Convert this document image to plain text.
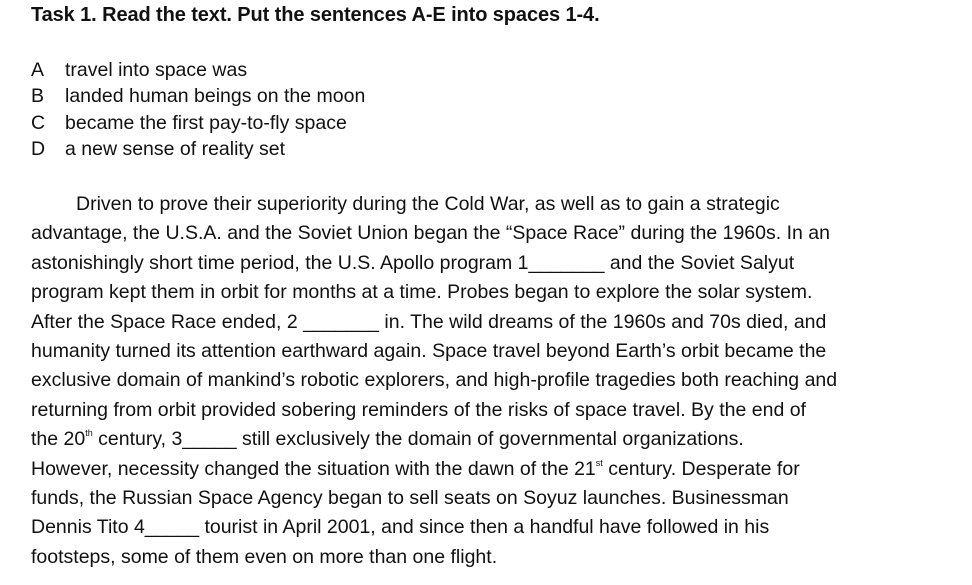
Task 1. Read the text. Put the sentences A-E into spaces 1-4.
A travel into space was
B landed human beings on the moon
C became the first pay-to-fly space
D a new sense of reality set
Driven to prove their superiority during the Cold War, as well as to gain a strategic
advantage, the U.S.A. and the Soviet Union began the “Space Race” during the 1960s. In an
astonishingly short time period, the U.S. Apollo program 1_______ and the Soviet Salyut
program kept them in orbit for months at a time. Probes began to explore the solar system.
After the Space Race ended, 2 _______ in. The wild dreams of the 1960s and 70s died, and
humanity turned its attention earthward again. Space travel beyond Earth’s orbit became the
exclusive domain of mankind’s robotic explorers, and high-profile tragedies both reaching and
returning from orbit provided sobering reminders of the risks of space travel. By the end of
the 20th century, 3_____ still exclusively the domain of governmental organizations.
However, necessity changed the situation with the dawn of the 21st century. Desperate for
funds, the Russian Space Agency began to sell seats on Soyuz launches. Businessman
Dennis Tito 4_____ tourist in April 2001, and since then a handful have followed in his
footsteps, some of them even on more than one flight.
